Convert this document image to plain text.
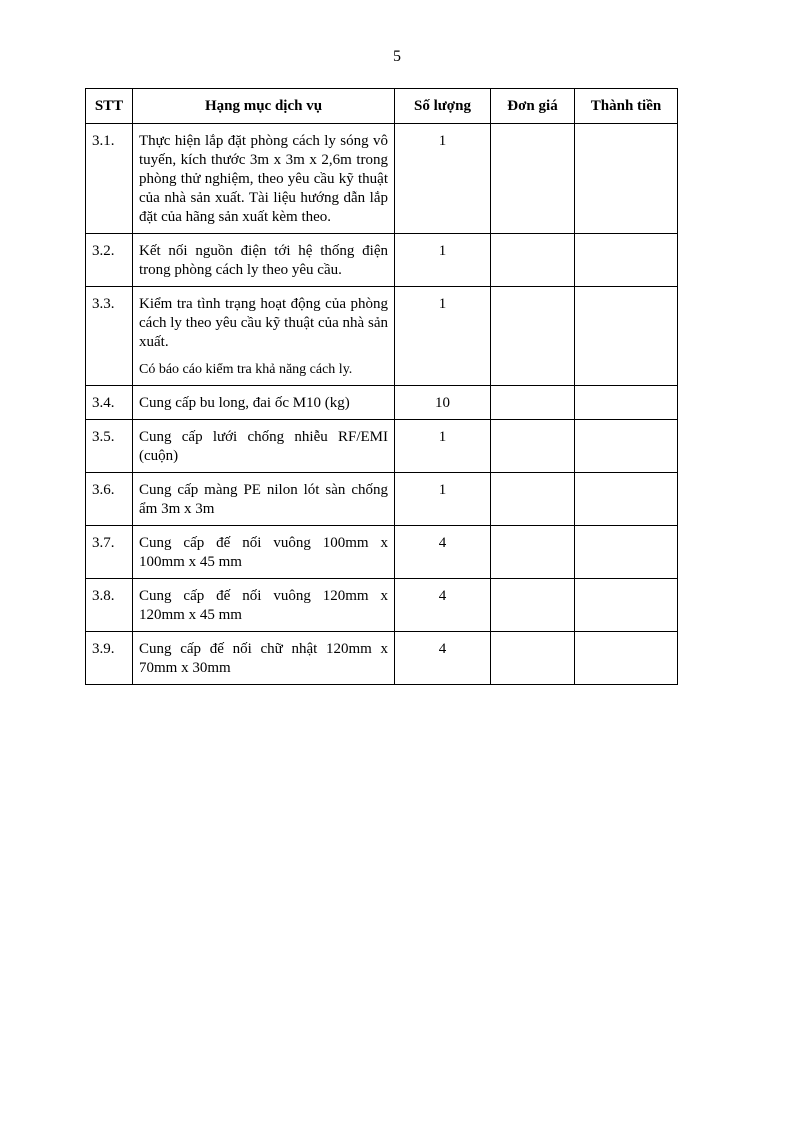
5
STT	Hạng mục dịch vụ	Số lượng	Đơn giá	Thành tiền
3.1.	Thực hiện lắp đặt phòng cách ly sóng vô tuyến, kích thước 3m x 3m x 2,6m trong phòng thử nghiệm, theo yêu cầu kỹ thuật của nhà sản xuất. Tài liệu hướng dẫn lắp đặt của hãng sản xuất kèm theo.	1		
3.2.	Kết nối nguồn điện tới hệ thống điện trong phòng cách ly theo yêu cầu.	1		
3.3.	Kiểm tra tình trạng hoạt động của phòng cách ly theo yêu cầu kỹ thuật của nhà sản xuất.
Có báo cáo kiểm tra khả năng cách ly.	1		
3.4.	Cung cấp bu long, đai ốc M10 (kg)	10		
3.5.	Cung cấp lưới chống nhiễu RF/EMI (cuộn)	1		
3.6.	Cung cấp màng PE nilon lót sàn chống ẩm 3m x 3m	1		
3.7.	Cung cấp đế nối vuông 100mm x 100mm x 45 mm	4		
3.8.	Cung cấp đế nối vuông 120mm x 120mm x 45 mm	4		
3.9.	Cung cấp đế nối chữ nhật 120mm x 70mm x 30mm	4		
